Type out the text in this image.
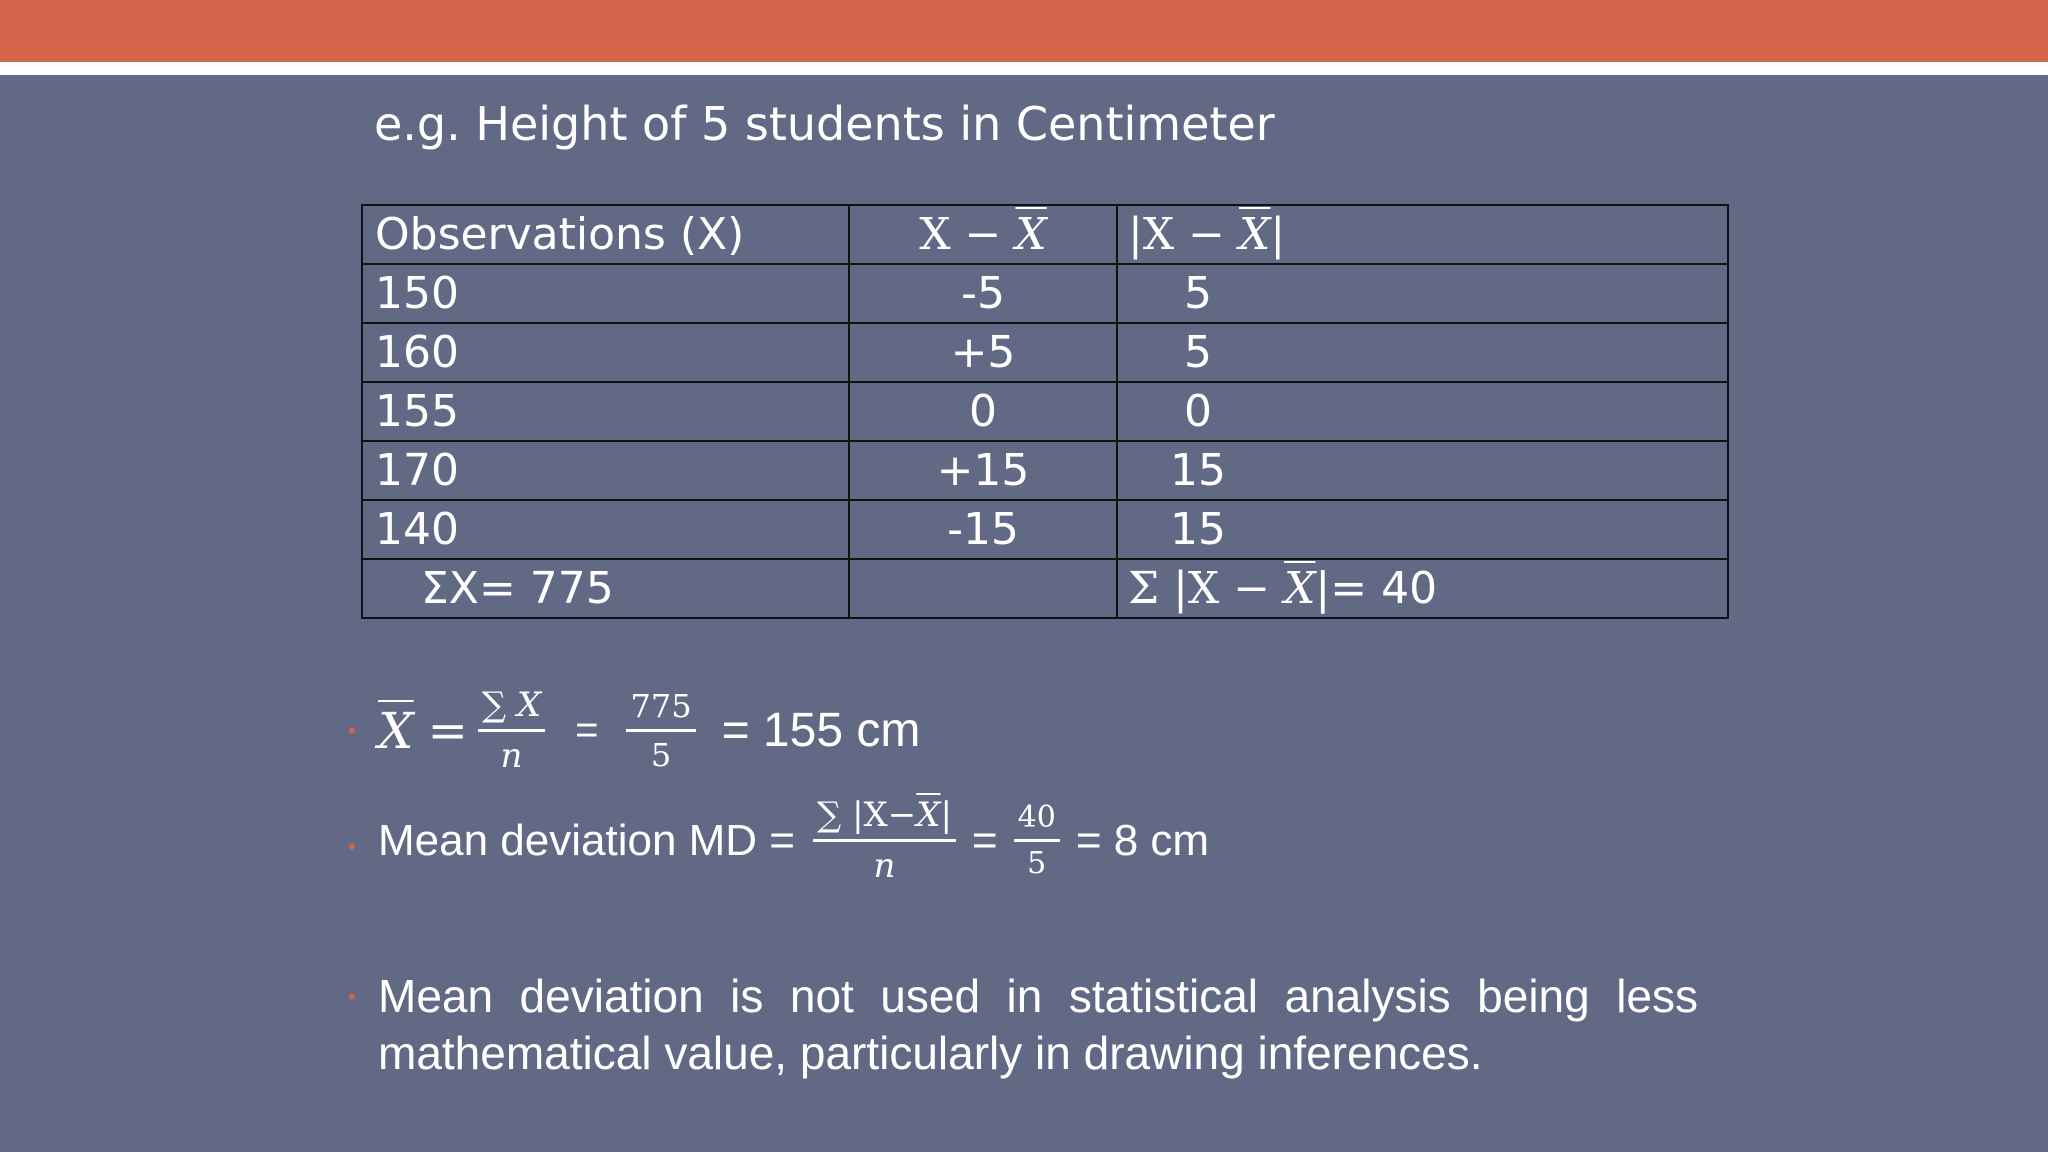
e.g. Height of 5 students in Centimeter
Observations (X)	$X - \overline{X}$	$|X - \overline{X}|$
150	-5	5
160	+5	5
155	0	0
170	+15	15
140	-15	15
ΣX= 775		Σ $|X - \overline{X}|= 40$
• $\overline{X} = \frac{\sum X}{n} = \frac{775}{5} = 155$ cm
• Mean deviation MD = $\frac{\sum |X-\overline{X}|}{n} = \frac{40}{5} = 8$ cm
• Mean deviation is not used in statistical analysis being less mathematical value, particularly in drawing inferences.
